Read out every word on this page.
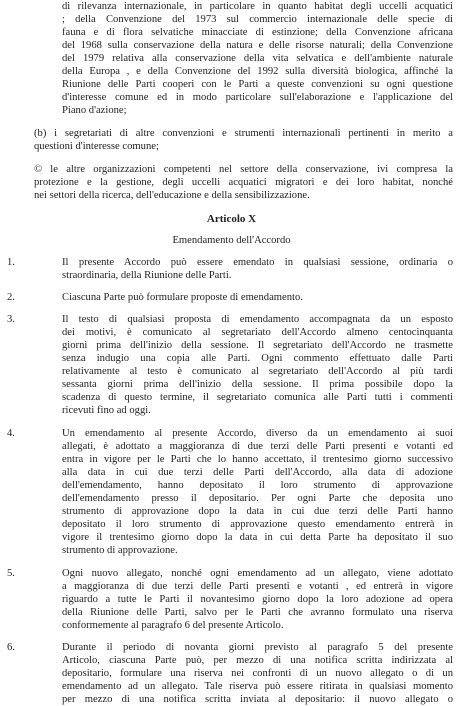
di rilevanza internazionale, in particolare in quanto habitat degli uccelli acquatici
; della Convenzione del 1973 sul commercio internazionale delle specie di
fauna e di flora selvatiche minacciate di estinzione; della Convenzione africana
del 1968 sulla conservazione della natura e delle risorse naturali; della Convenzione
del 1979 relativa alla conservazione della vita selvatica e dell'ambiente naturale
della Europa , e della Convenzione del 1992 sulla diversità biologica, affinché la
Riunione delle Parti cooperi con le Parti a queste convenzioni su ogni questione
d'interesse comune ed in modo particolare sull'elaborazione e l'applicazione del
Piano d'azione;
(b) i segretariati di altre convenzioni e strumenti internazionali pertinenti in merito a
questioni d'interesse comune;
© le altre organizzazioni competenti nel settore della conservazione, ivi compresa la
protezione e la gestione, degli uccelli acquatici migratori e dei loro habitat, nonché
nei settori della ricerca, dell'educazione e della sensibilizzazione.
Articolo X
Emendamento dell'Accordo
1.	Il presente Accordo può essere emendato in qualsiasi sessione, ordinaria o
straordinaria, della Riunione delle Parti.
2.	Ciascuna Parte può formulare proposte di emendamento.
3.	Il testo di qualsiasi proposta di emendamento accompagnata da un esposto
dei motivi, è comunicato al segretariato dell'Accordo almeno centocinquanta
giorni prima dell'inizio della sessione. Il segretariato dell'Accordo ne trasmette
senza indugio una copia alle Parti. Ogni commento effettuato dalle Parti
relativamente al testo è comunicato al segretariato dell'Accordo al più tardi
sessanta giorni prima dell'inizio della sessione. Il prima possibile dopo la
scadenza di questo termine, il segretariato comunica alle Parti tutti i commenti
ricevuti fino ad oggi.
4.	Un emendamento al presente Accordo, diverso da un emendamento ai suoi
allegati, è adottato a maggioranza di due terzi delle Parti presenti e votanti ed
entra in vigore per le Parti che lo hanno accettato, il trentesimo giorno successivo
alla data in cui due terzi delle Parti dell'Accordo, alla data di adozione
dell'emendamento, hanno depositato il loro strumento di approvazione
dell'emendamento presso il depositario. Per ogni Parte che deposita uno
strumento di approvazione dopo la data in cui due terzi delle Parti hanno
depositato il loro strumento di approvazione questo emendamento entrerà in
vigore il trentesimo giorno dopo la data in cui detta Parte ha depositato il suo
strumento di approvazione.
5.	Ogni nuovo allegato, nonché ogni emendamento ad un allegato, viene adottato
a maggioranza di due terzi delle Parti presenti e votanti , ed entrerà in vigore
riguardo a tutte le Parti il novantesimo giorno dopo la loro adozione ad opera
della Riunione delle Parti, salvo per le Parti che avranno formulato una riserva
conformemente al paragrafo 6 del presente Articolo.
6.	Durante il periodo di novanta giorni previsto al paragrafo 5 del presente
Articolo, ciascuna Parte può, per mezzo di una notifica scritta indirizzata al
depositario, formulare una riserva nei confronti di un nuovo allegato o di un
emendamento ad un allegato. Tale riserva può essere ritirata in qualsiasi momento
per mezzo di una notifica scritta inviata al depositario: il nuovo allegato o
